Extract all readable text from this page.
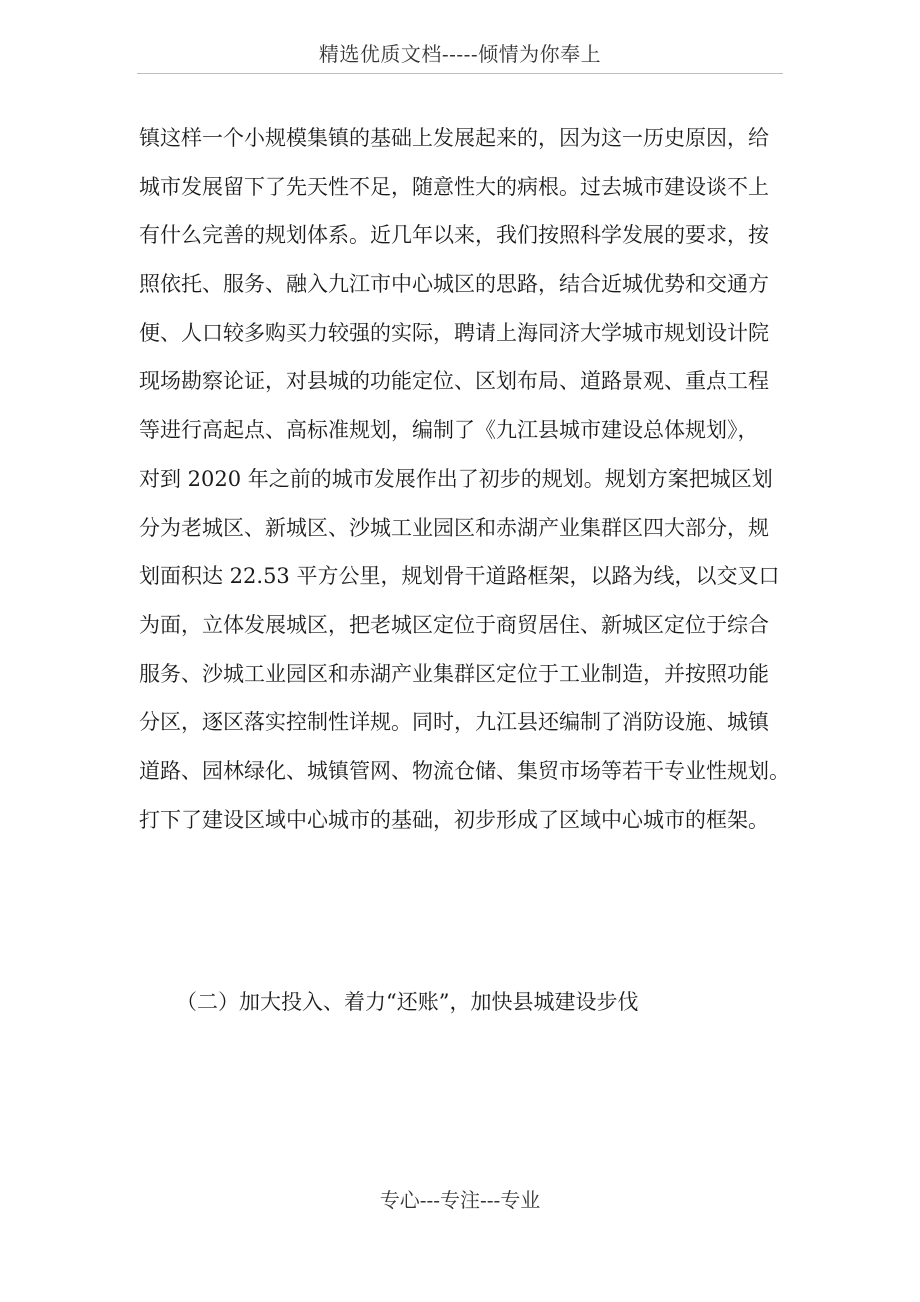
精选优质文档-----倾情为你奉上
镇这样一个小规模集镇的基础上发展起来的，因为这一历史原因，给
城市发展留下了先天性不足，随意性大的病根。过去城市建设谈不上
有什么完善的规划体系。近几年以来，我们按照科学发展的要求，按
照依托、服务、融入九江市中心城区的思路，结合近城优势和交通方
便、人口较多购买力较强的实际，聘请上海同济大学城市规划设计院
现场勘察论证，对县城的功能定位、区划布局、道路景观、重点工程
等进行高起点、高标准规划，编制了《九江县城市建设总体规划》，
对到 2020 年之前的城市发展作出了初步的规划。规划方案把城区划
分为老城区、新城区、沙城工业园区和赤湖产业集群区四大部分，规
划面积达 22.53 平方公里，规划骨干道路框架，以路为线，以交叉口
为面，立体发展城区，把老城区定位于商贸居住、新城区定位于综合
服务、沙城工业园区和赤湖产业集群区定位于工业制造，并按照功能
分区，逐区落实控制性详规。同时，九江县还编制了消防设施、城镇
道路、园林绿化、城镇管网、物流仓储、集贸市场等若干专业性规划。
打下了建设区域中心城市的基础，初步形成了区域中心城市的框架。
（二）加大投入、着力“还账”，加快县城建设步伐
专心---专注---专业
